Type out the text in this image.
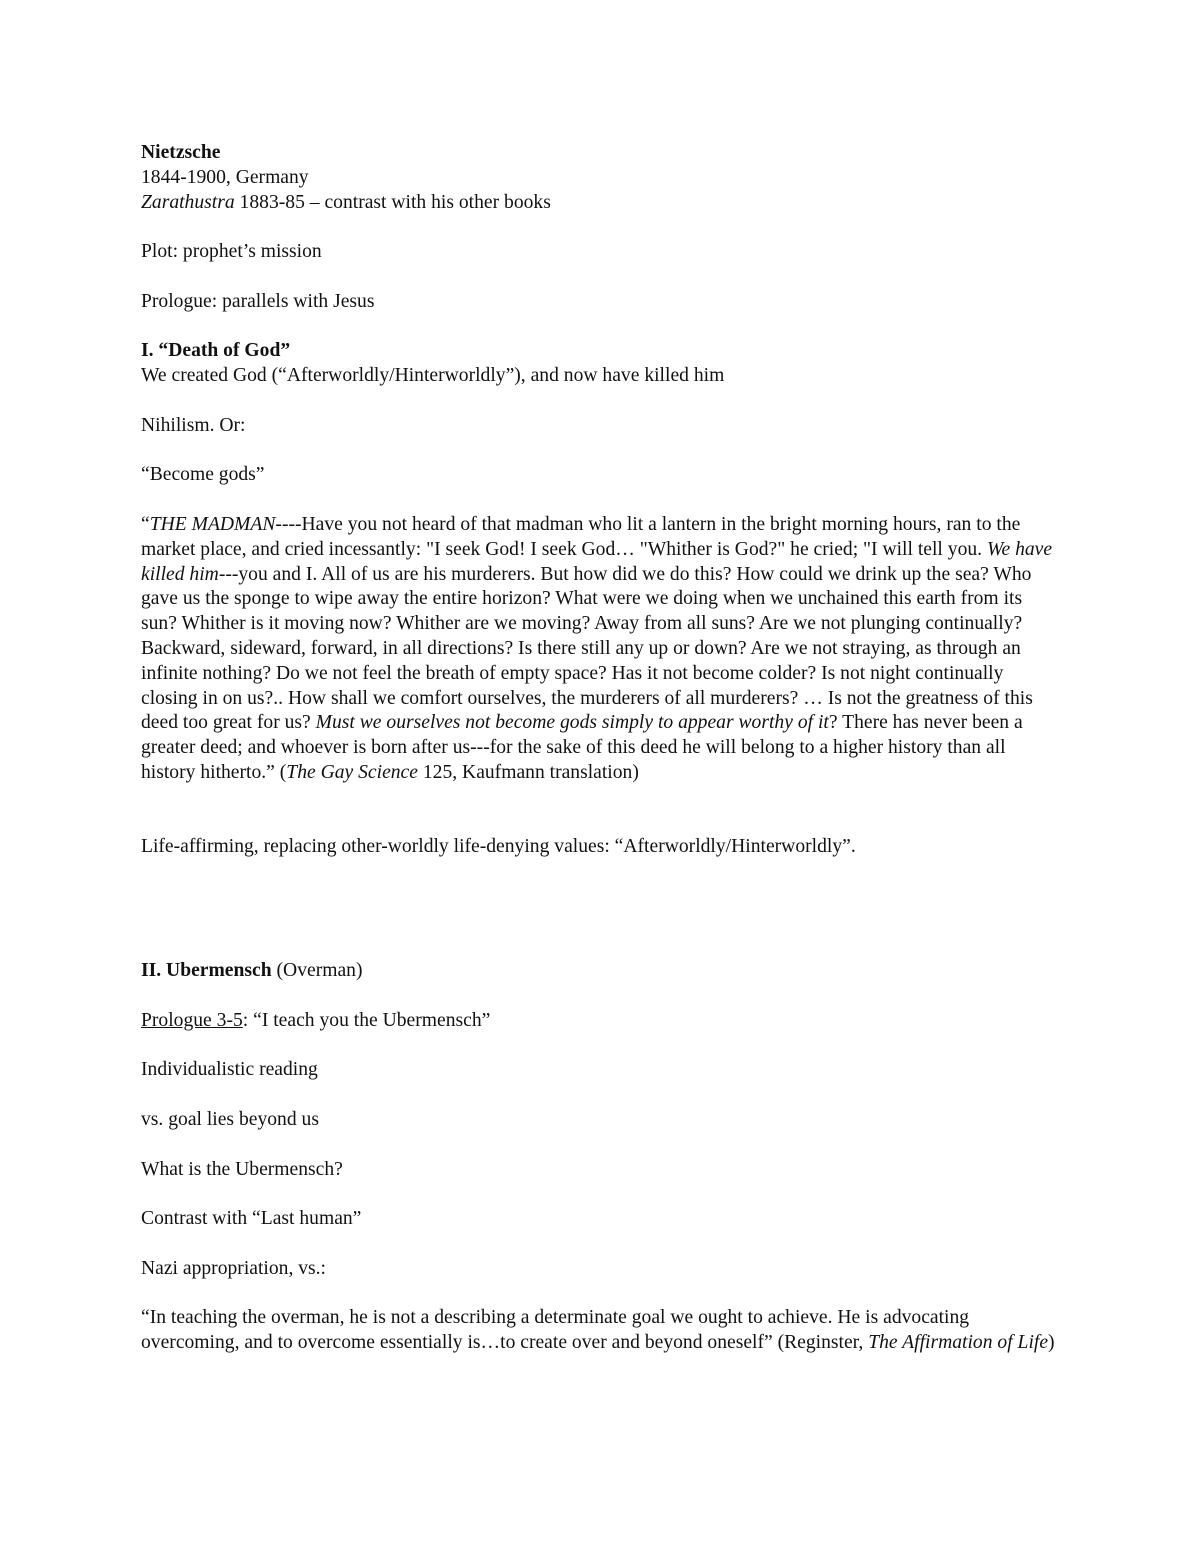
Nietzsche

1844-1900, Germany

Zarathustra 1883-85 – contrast with his other books

Plot: prophet’s mission

Prologue: parallels with Jesus

I. “Death of God”

We created God (“Afterworldly/Hinterworldly”), and now have killed him

Nihilism. Or:

“Become gods”

“THE MADMAN----Have you not heard of that madman who lit a lantern in the bright morning hours, ran to the market place, and cried incessantly: "I seek God! I seek God… "Whither is God?" he cried; "I will tell you. We have killed him---you and I. All of us are his murderers. But how did we do this? How could we drink up the sea? Who gave us the sponge to wipe away the entire horizon? What were we doing when we unchained this earth from its sun? Whither is it moving now? Whither are we moving? Away from all suns? Are we not plunging continually? Backward, sideward, forward, in all directions? Is there still any up or down? Are we not straying, as through an infinite nothing? Do we not feel the breath of empty space? Has it not become colder? Is not night continually closing in on us?.. How shall we comfort ourselves, the murderers of all murderers? … Is not the greatness of this deed too great for us? Must we ourselves not become gods simply to appear worthy of it? There has never been a greater deed; and whoever is born after us---for the sake of this deed he will belong to a higher history than all history hitherto.” (The Gay Science 125, Kaufmann translation)

Life-affirming, replacing other-worldly life-denying values: “Afterworldly/Hinterworldly”.

II. Ubermensch (Overman)

Prologue 3-5: “I teach you the Ubermensch”

Individualistic reading

vs. goal lies beyond us

What is the Ubermensch?

Contrast with “Last human”

Nazi appropriation, vs.:

“In teaching the overman, he is not a describing a determinate goal we ought to achieve. He is advocating overcoming, and to overcome essentially is…to create over and beyond oneself” (Reginster, The Affirmation of Life)
